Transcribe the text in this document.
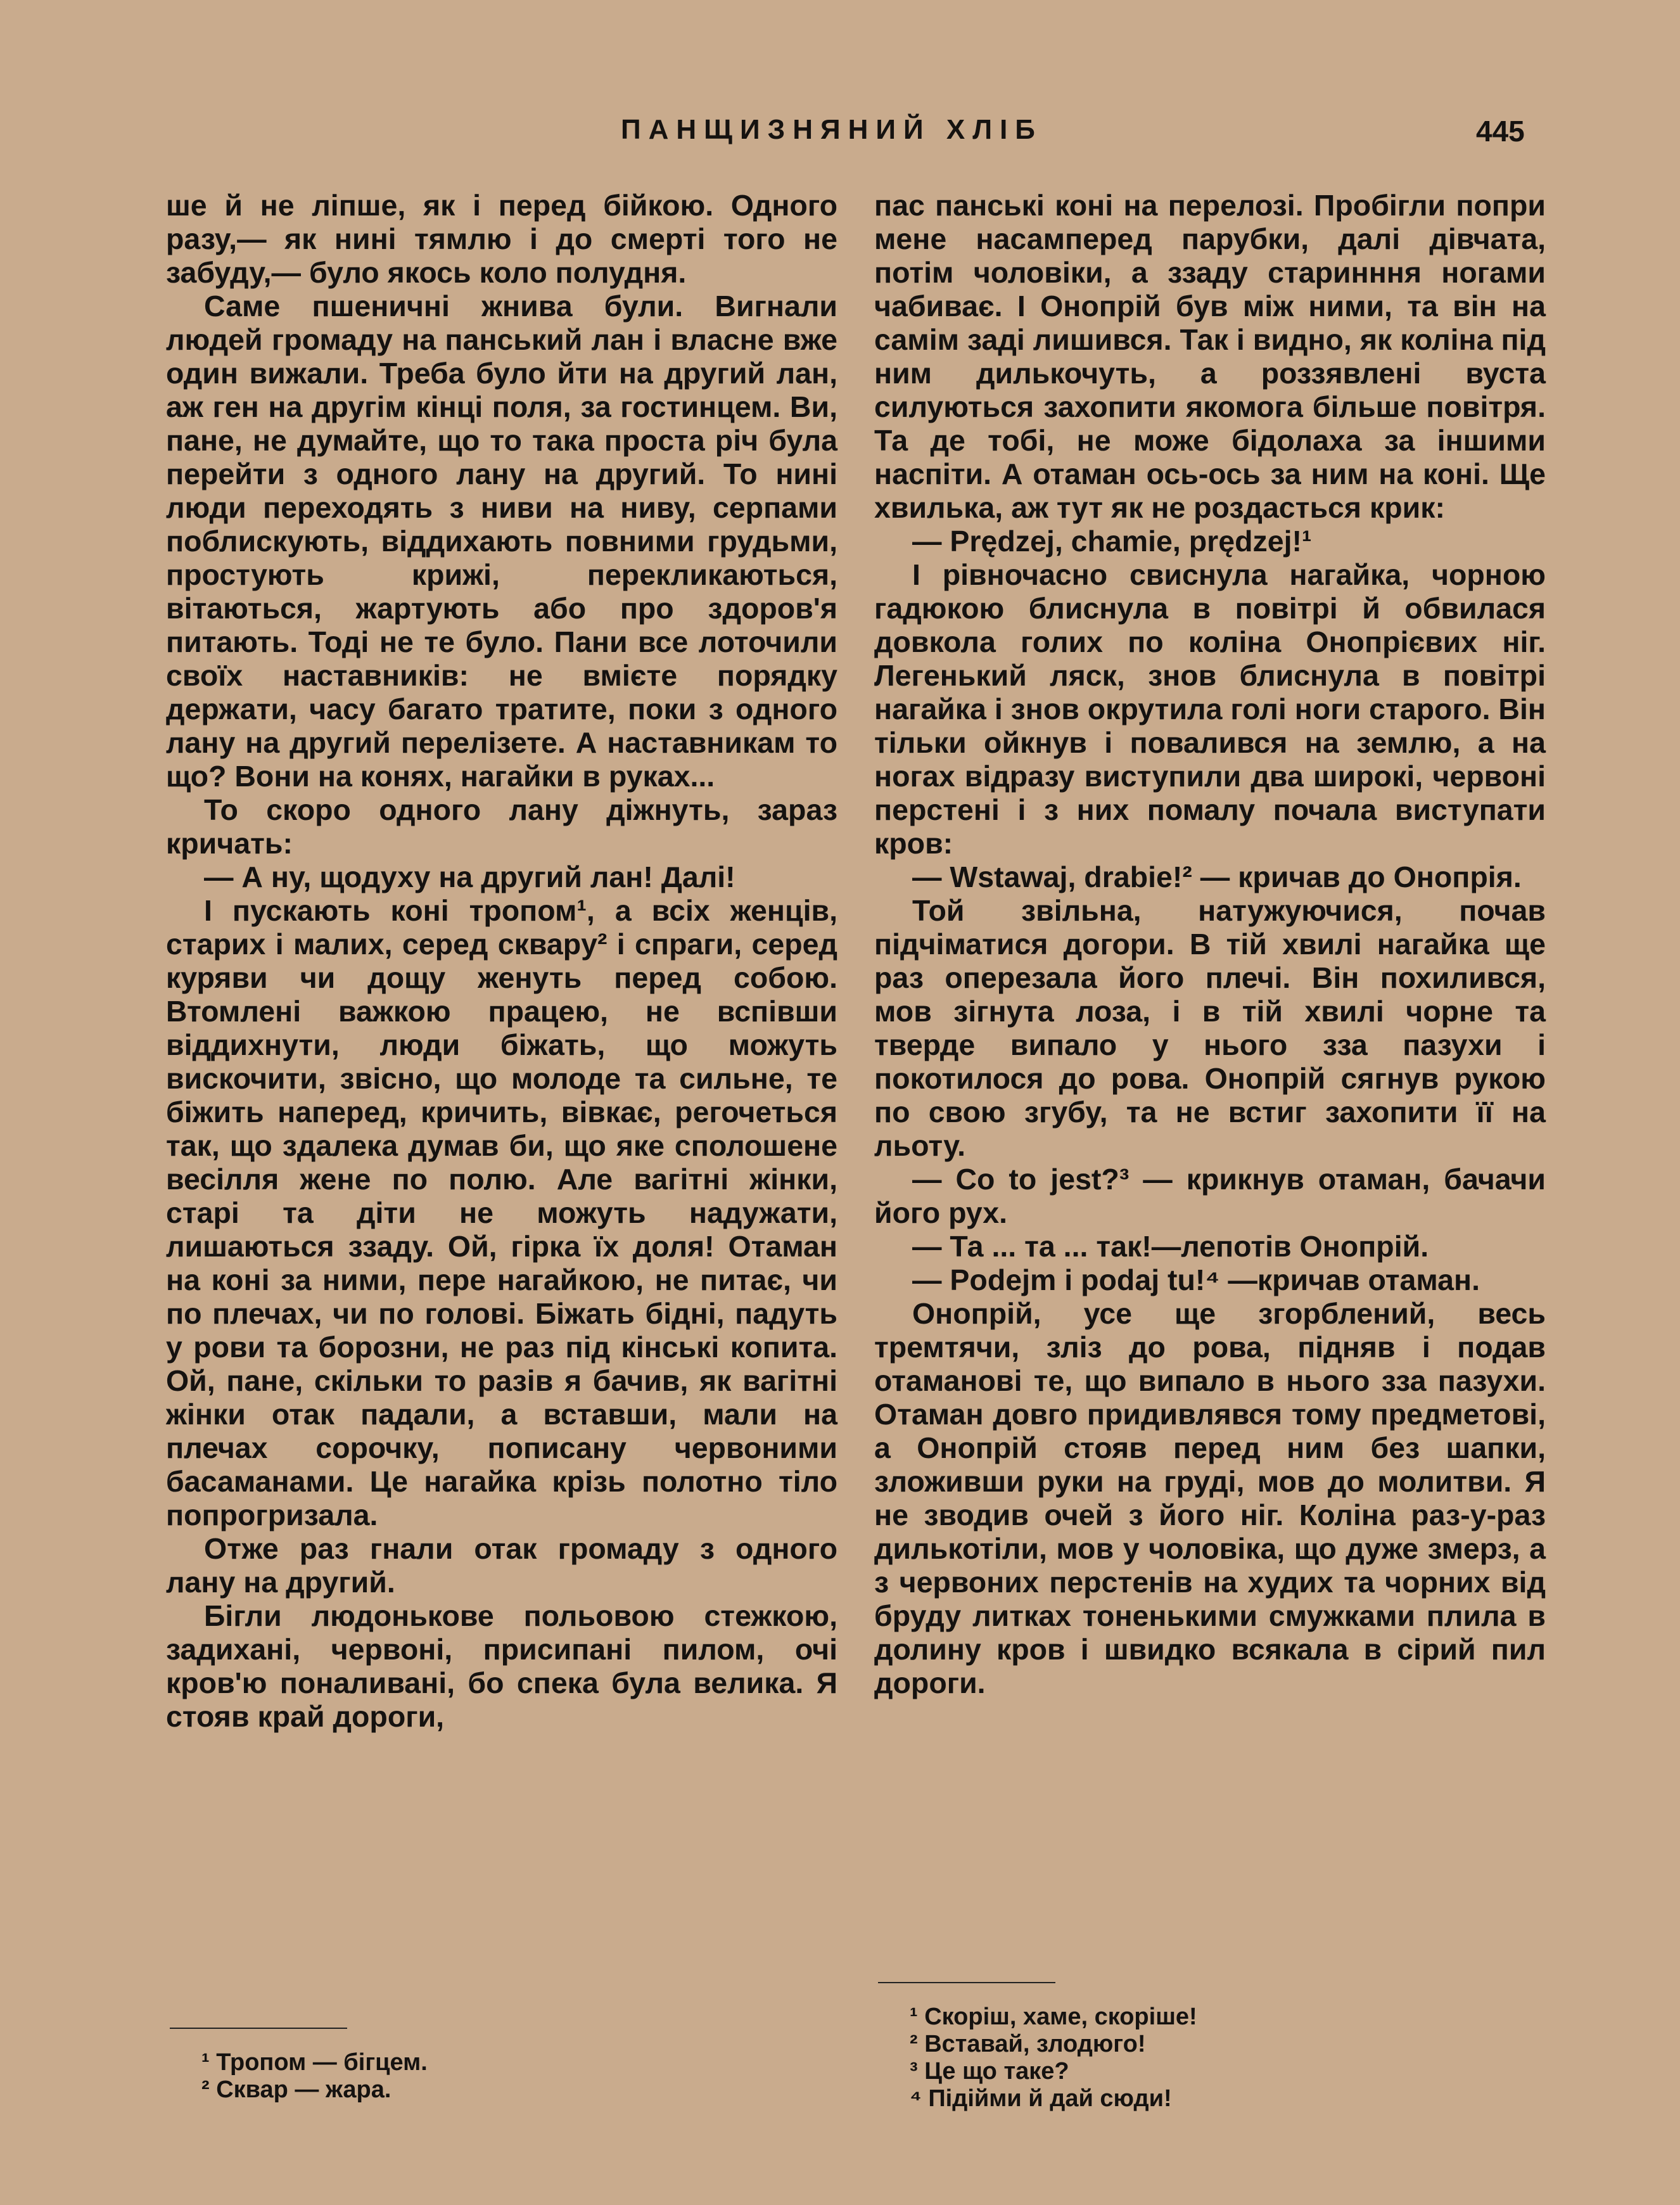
ПАНЩИЗНЯНИЙ ХЛІБ	445

ше й не ліпше, як і перед бійкою. Одного разу,— як нині тямлю і до смерті того не забуду,— було якось коло полудня.

Саме пшеничні жнива були. Вигнали людей громаду на панський лан і власне вже один вижали. Треба було йти на другий лан, аж ген на другім кінці поля, за гостинцем. Ви, пане, не думайте, що то така проста річ була перейти з одного лану на другий. То нині люди переходять з ниви на ниву, серпами поблискують, віддихають повними грудьми, простують крижі, перекликаються, вітаються, жартують або про здоров'я питають. Тоді не те було. Пани все лоточили своїх настaвників: не вмієте порядку держати, часу багато тратите, поки з одного лану на другий перелізете. А наставникам то що? Вони на конях, нагайки в руках...

То скоро одного лану діжнуть, зараз кричать:

— А ну, щодуху на другий лан! Далі!

І пускають коні тропом¹, а всіх женців, старих і малих, серед скварy² і спраги, серед куряви чи дощу женуть перед собою. Втомлені важкою працею, не вспівши віддихнути, люди біжать, що можуть вискочити, звісно, що молоде та сильне, те біжить наперед, кричить, вівкає, регочеться так, що здалека думав би, що яке сполошене весілля жене по полю. Але вагітні жінки, старі та діти не можуть надужати, лишаються ззаду. Ой, гірка їх доля! Отаман на коні за ними, пере нагайкою, не питає, чи по плечах, чи по голові. Біжать бідні, падуть у рови та борозни, не раз під кінські копита. Ой, пане, скільки то разів я бачив, як вагітні жінки отак падали, а вставши, мали на плечах сорочку, пописану червоними басаманами. Це нагайка крізь полотно тіло попрогризала.

Отже раз гнали отак громаду з одного лану на другий.

Бігли людонькове польовою стежкою, задихані, червоні, присипані пилом, очі кров'ю поналивані, бо спека була велика. Я стояв край дороги,

пас панські коні на перелозі. Пробігли попри мене насамперед парубки, далі дівчата, потім чоловіки, а ззаду старинння ногами чабиває. І Онопрій був між ними, та він на самім заді лишився. Так і видно, як коліна під ним дилькочуть, а роззявлені вуста силуються захопити якомога більше повітря. Та де тобі, не може бідолаха за іншими наспіти. А отаман ось-ось за ним на коні. Ще хвилька, аж тут як не роздасться крик:

— Prędzej, chamie, prędzej!¹

І рівночасно свиснула нагайка, чорною гадюкою блиснула в повітрі й обвилася довкола голих по коліна Онопрієвих ніг. Легенький ляск, знов блиснула в повітрі нагайка і знов окрутила голі ноги старого. Він тільки ойкнув і повалився на землю, а на ногах відразу виступили два широкі, червоні перстені і з них помалу почала виступати кров:

— Wstawaj, drabie!² — кричав до Онопрія.

Той звільна, натужуючися, почав підчіматися догори. В тій хвилі нагайка ще раз оперезала його плечі. Він похилився, мов зігнута лоза, і в тій хвилі чорне та тверде випало у нього зза пазухи і покотилося до рова. Онопрій сягнув рукою по свою згубу, та не встиг захопити її на льоту.

— Co to jest?³ — крикнув отаман, бачачи його рух.

— Та ... та ... так!—лепотів Онопрій.

— Podejm i podaj tu!⁴ —кричав отаман.

Онопрій, усе ще згорблений, весь тремтячи, зліз до рова, підняв і подав отаманові те, що випало в нього зза пазухи. Отаман довго придивлявся тому предметові, а Онопрій стояв перед ним без шапки, зложивши руки на груді, мов до молитви. Я не зводив очей з його ніг. Коліна раз-у-раз дилькотіли, мов у чоловіка, що дуже змерз, а з червоних перстенів на худих та чорних від бруду литках тоненькими смужками плила в долину кров і швидко всякала в сірий пил дороги.

¹ Тропом — бігцем.
² Сквар — жара.
¹ Скоріш, хаме, скоріше!
² Вставай, злодюго!
³ Це що таке?
⁴ Підійми й дай сюди!
